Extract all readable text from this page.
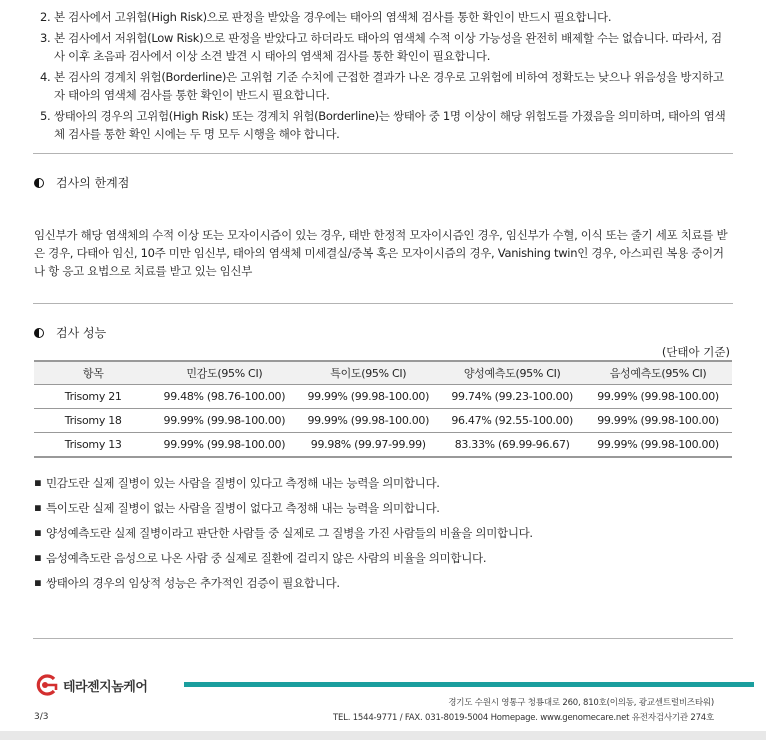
2. 본 검사에서 고위험(High Risk)으로 판정을 받았을 경우에는 태아의 염색체 검사를 통한 확인이 반드시 필요합니다.
3. 본 검사에서 저위험(Low Risk)으로 판정을 받았다고 하더라도 태아의 염색체 수적 이상 가능성을 완전히 배제할 수는 없습니다. 따라서, 검사 이후 초음파 검사에서 이상 소견 발견 시 태아의 염색체 검사를 통한 확인이 필요합니다.
4. 본 검사의 경계치 위험(Borderline)은 고위험 기준 수치에 근접한 결과가 나온 경우로 고위험에 비하여 정확도는 낮으나 위음성을 방지하고자 태아의 염색체 검사를 통한 확인이 반드시 필요합니다.
5. 쌍태아의 경우의 고위험(High Risk) 또는 경계치 위험(Borderline)는 쌍태아 중 1명 이상이 해당 위험도를 가졌음을 의미하며, 태아의 염색체 검사를 통한 확인 시에는 두 명 모두 시행을 해야 합니다.
검사의 한계점
임신부가 해당 염색체의 수적 이상 또는 모자이시즘이 있는 경우, 태반 한정적 모자이시즘인 경우, 임신부가 수혈, 이식 또는 줄기 세포 치료를 받은 경우, 다태아 임신, 10주 미만 임신부, 태아의 염색체 미세결실/중복 혹은 모자이시즘의 경우, Vanishing twin인 경우, 아스피린 복용 중이거나 항 응고 요법으로 치료를 받고 있는 임신부
검사 성능
(단태아 기준)
항목	민감도(95% CI)	특이도(95% CI)	양성예측도(95% CI)	음성예측도(95% CI)
Trisomy 21	99.48% (98.76-100.00)	99.99% (99.98-100.00)	99.74% (99.23-100.00)	99.99% (99.98-100.00)
Trisomy 18	99.99% (99.98-100.00)	99.99% (99.98-100.00)	96.47% (92.55-100.00)	99.99% (99.98-100.00)
Trisomy 13	99.99% (99.98-100.00)	99.98% (99.97-99.99)	83.33% (69.99-96.67)	99.99% (99.98-100.00)
▪ 민감도란 실제 질병이 있는 사람을 질병이 있다고 측정해 내는 능력을 의미합니다.
▪ 특이도란 실제 질병이 없는 사람을 질병이 없다고 측정해 내는 능력을 의미합니다.
▪ 양성예측도란 실제 질병이라고 판단한 사람들 중 실제로 그 질병을 가진 사람들의 비율을 의미합니다.
▪ 음성예측도란 음성으로 나온 사람 중 실제로 질환에 걸리지 않은 사람의 비율을 의미합니다.
▪ 쌍태아의 경우의 임상적 성능은 추가적인 검증이 필요합니다.
테라젠지놈케어
경기도 수원시 영통구 청룡대로 260, 810호(이의동, 광교센트럴비즈타워)
TEL. 1544-9771 / FAX. 031-8019-5004 Homepage. www.genomecare.net 유전자검사기관 274호
3/3
